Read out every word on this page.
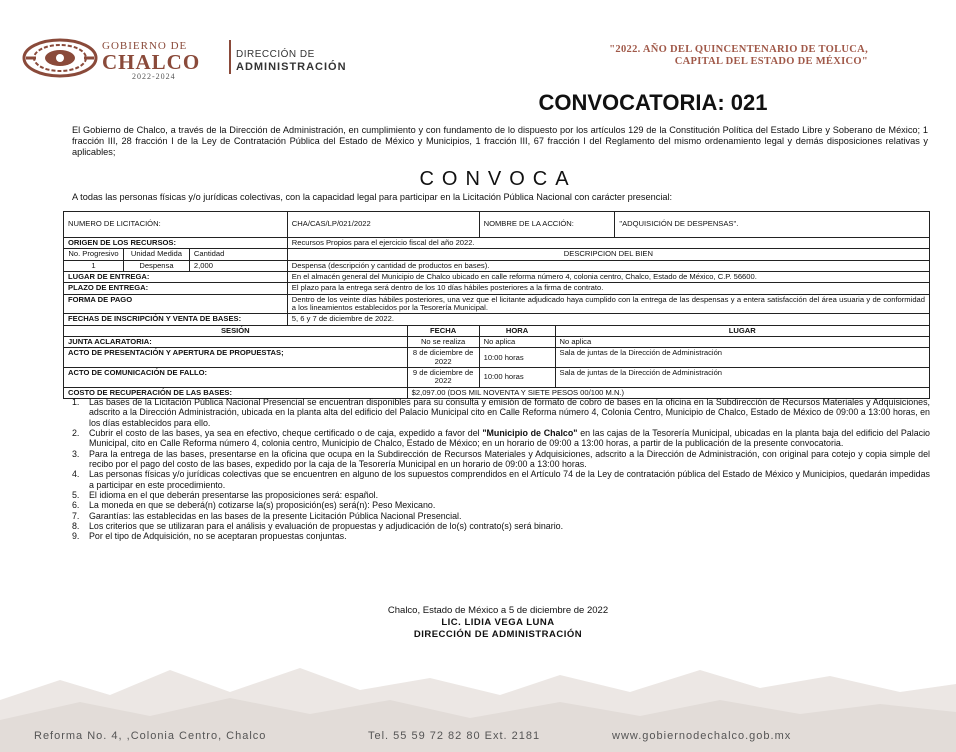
GOBIERNO DE
CHALCO
2022-2024
DIRECCIÓN DE
ADMINISTRACIÓN
"2022. AÑO DEL QUINCENTENARIO DE TOLUCA,
CAPITAL DEL ESTADO DE MÉXICO"
CONVOCATORIA: 021
El Gobierno de Chalco, a través de la Dirección de Administración, en cumplimiento y con fundamento de lo dispuesto por los artículos 129 de la Constitución Política del Estado Libre y Soberano de México; 1 fracción III, 28 fracción I de la Ley de Contratación Pública del Estado de México y Municipios, 1 fracción III, 67 fracción I del Reglamento del mismo ordenamiento legal y demás disposiciones relativas y aplicables;
CONVOCA
A todas las personas físicas y/o jurídicas colectivas, con la capacidad legal para participar en la Licitación Pública Nacional con carácter presencial:
NUMERO DE LICITACIÓN:			CHA/CAS/LP/021/2022		NOMBRE DE LA ACCIÓN:		"ADQUISICIÓN DE DESPENSAS".
ORIGEN DE LOS RECURSOS:			Recursos Propios para el ejercicio fiscal del año 2022.				
No. Progresivo	Unidad Medida	Cantidad	DESCRIPCION DEL BIEN				
1	Despensa	2,000	Despensa (descripción y cantidad de productos en bases).				
LUGAR DE ENTREGA:			En el almacén general del Municipio de Chalco ubicado en calle reforma número 4, colonia centro, Chalco, Estado de México, C.P. 56600.				
PLAZO DE ENTREGA:			El plazo para la entrega será dentro de los 10 días hábiles posteriores a la firma de contrato.				
FORMA DE PAGO			Dentro de los veinte días hábiles posteriores, una vez que el licitante adjudicado haya cumplido con la entrega de las despensas y a entera satisfacción del área usuaria y de conformidad a los lineamientos establecidos por la Tesorería Municipal.				
FECHAS DE INSCRIPCIÓN Y VENTA DE BASES:			5, 6 y 7 de diciembre de 2022.				
SESIÓN				FECHA	HORA	LUGAR	
JUNTA ACLARATORIA:				No se realiza	No aplica	No aplica	
ACTO DE PRESENTACIÓN Y APERTURA DE PROPUESTAS;				8 de diciembre de 2022	10:00 horas	Sala de juntas de la Dirección de Administración	
ACTO DE COMUNICACIÓN DE FALLO:				9 de diciembre de 2022	10:00 horas	Sala de juntas de la Dirección de Administración	
COSTO DE RECUPERACIÓN DE LAS BASES:				$2,097.00 (DOS MIL NOVENTA Y SIETE PESOS 00/100 M.N.)			
1. Las bases de la Licitación Pública Nacional Presencial se encuentran disponibles para su consulta y emisión de formato de cobro de bases en la oficina en la Subdirección de Recursos Materiales y Adquisiciones, adscrito a la Dirección Administración, ubicada en la planta alta del edificio del Palacio Municipal cito en Calle Reforma número 4, Colonia Centro, Municipio de Chalco, Estado de México de 09:00 a 13:00 horas, en los días establecidos para ello.
2. Cubrir el costo de las bases, ya sea en efectivo, cheque certificado o de caja, expedido a favor del "Municipio de Chalco" en las cajas de la Tesorería Municipal, ubicadas en la planta baja del edificio del Palacio Municipal, cito en Calle Reforma número 4, colonia centro, Municipio de Chalco, Estado de México; en un horario de 09:00 a 13:00 horas, a partir de la publicación de la presente convocatoria.
3. Para la entrega de las bases, presentarse en la oficina que ocupa en la Subdirección de Recursos Materiales y Adquisiciones, adscrito a la Dirección de Administración, con original para cotejo y copia simple del recibo por el pago del costo de las bases, expedido por la caja de la Tesorería Municipal en un horario de 09:00 a 13:00 horas.
4. Las personas físicas y/o jurídicas colectivas que se encuentren en alguno de los supuestos comprendidos en el Artículo 74 de la Ley de contratación pública del Estado de México y Municipios, quedarán impedidas a participar en este procedimiento.
5. El idioma en el que deberán presentarse las proposiciones será: español.
6. La moneda en que se deberá(n) cotizarse la(s) proposición(es) será(n): Peso Mexicano.
7. Garantías: las establecidas en las bases de la presente Licitación Pública Nacional Presencial.
8. Los criterios que se utilizaran para el análisis y evaluación de propuestas y adjudicación de lo(s) contrato(s) será binario.
9. Por el tipo de Adquisición, no se aceptaran propuestas conjuntas.
Chalco, Estado de México a 5 de diciembre de 2022
LIC. LIDIA VEGA LUNA
DIRECCIÓN DE ADMINISTRACIÓN
Reforma No. 4, ,Colonia Centro, Chalco	Tel. 55 59 72 82 80 Ext. 2181	www.gobiernodechalco.gob.mx
